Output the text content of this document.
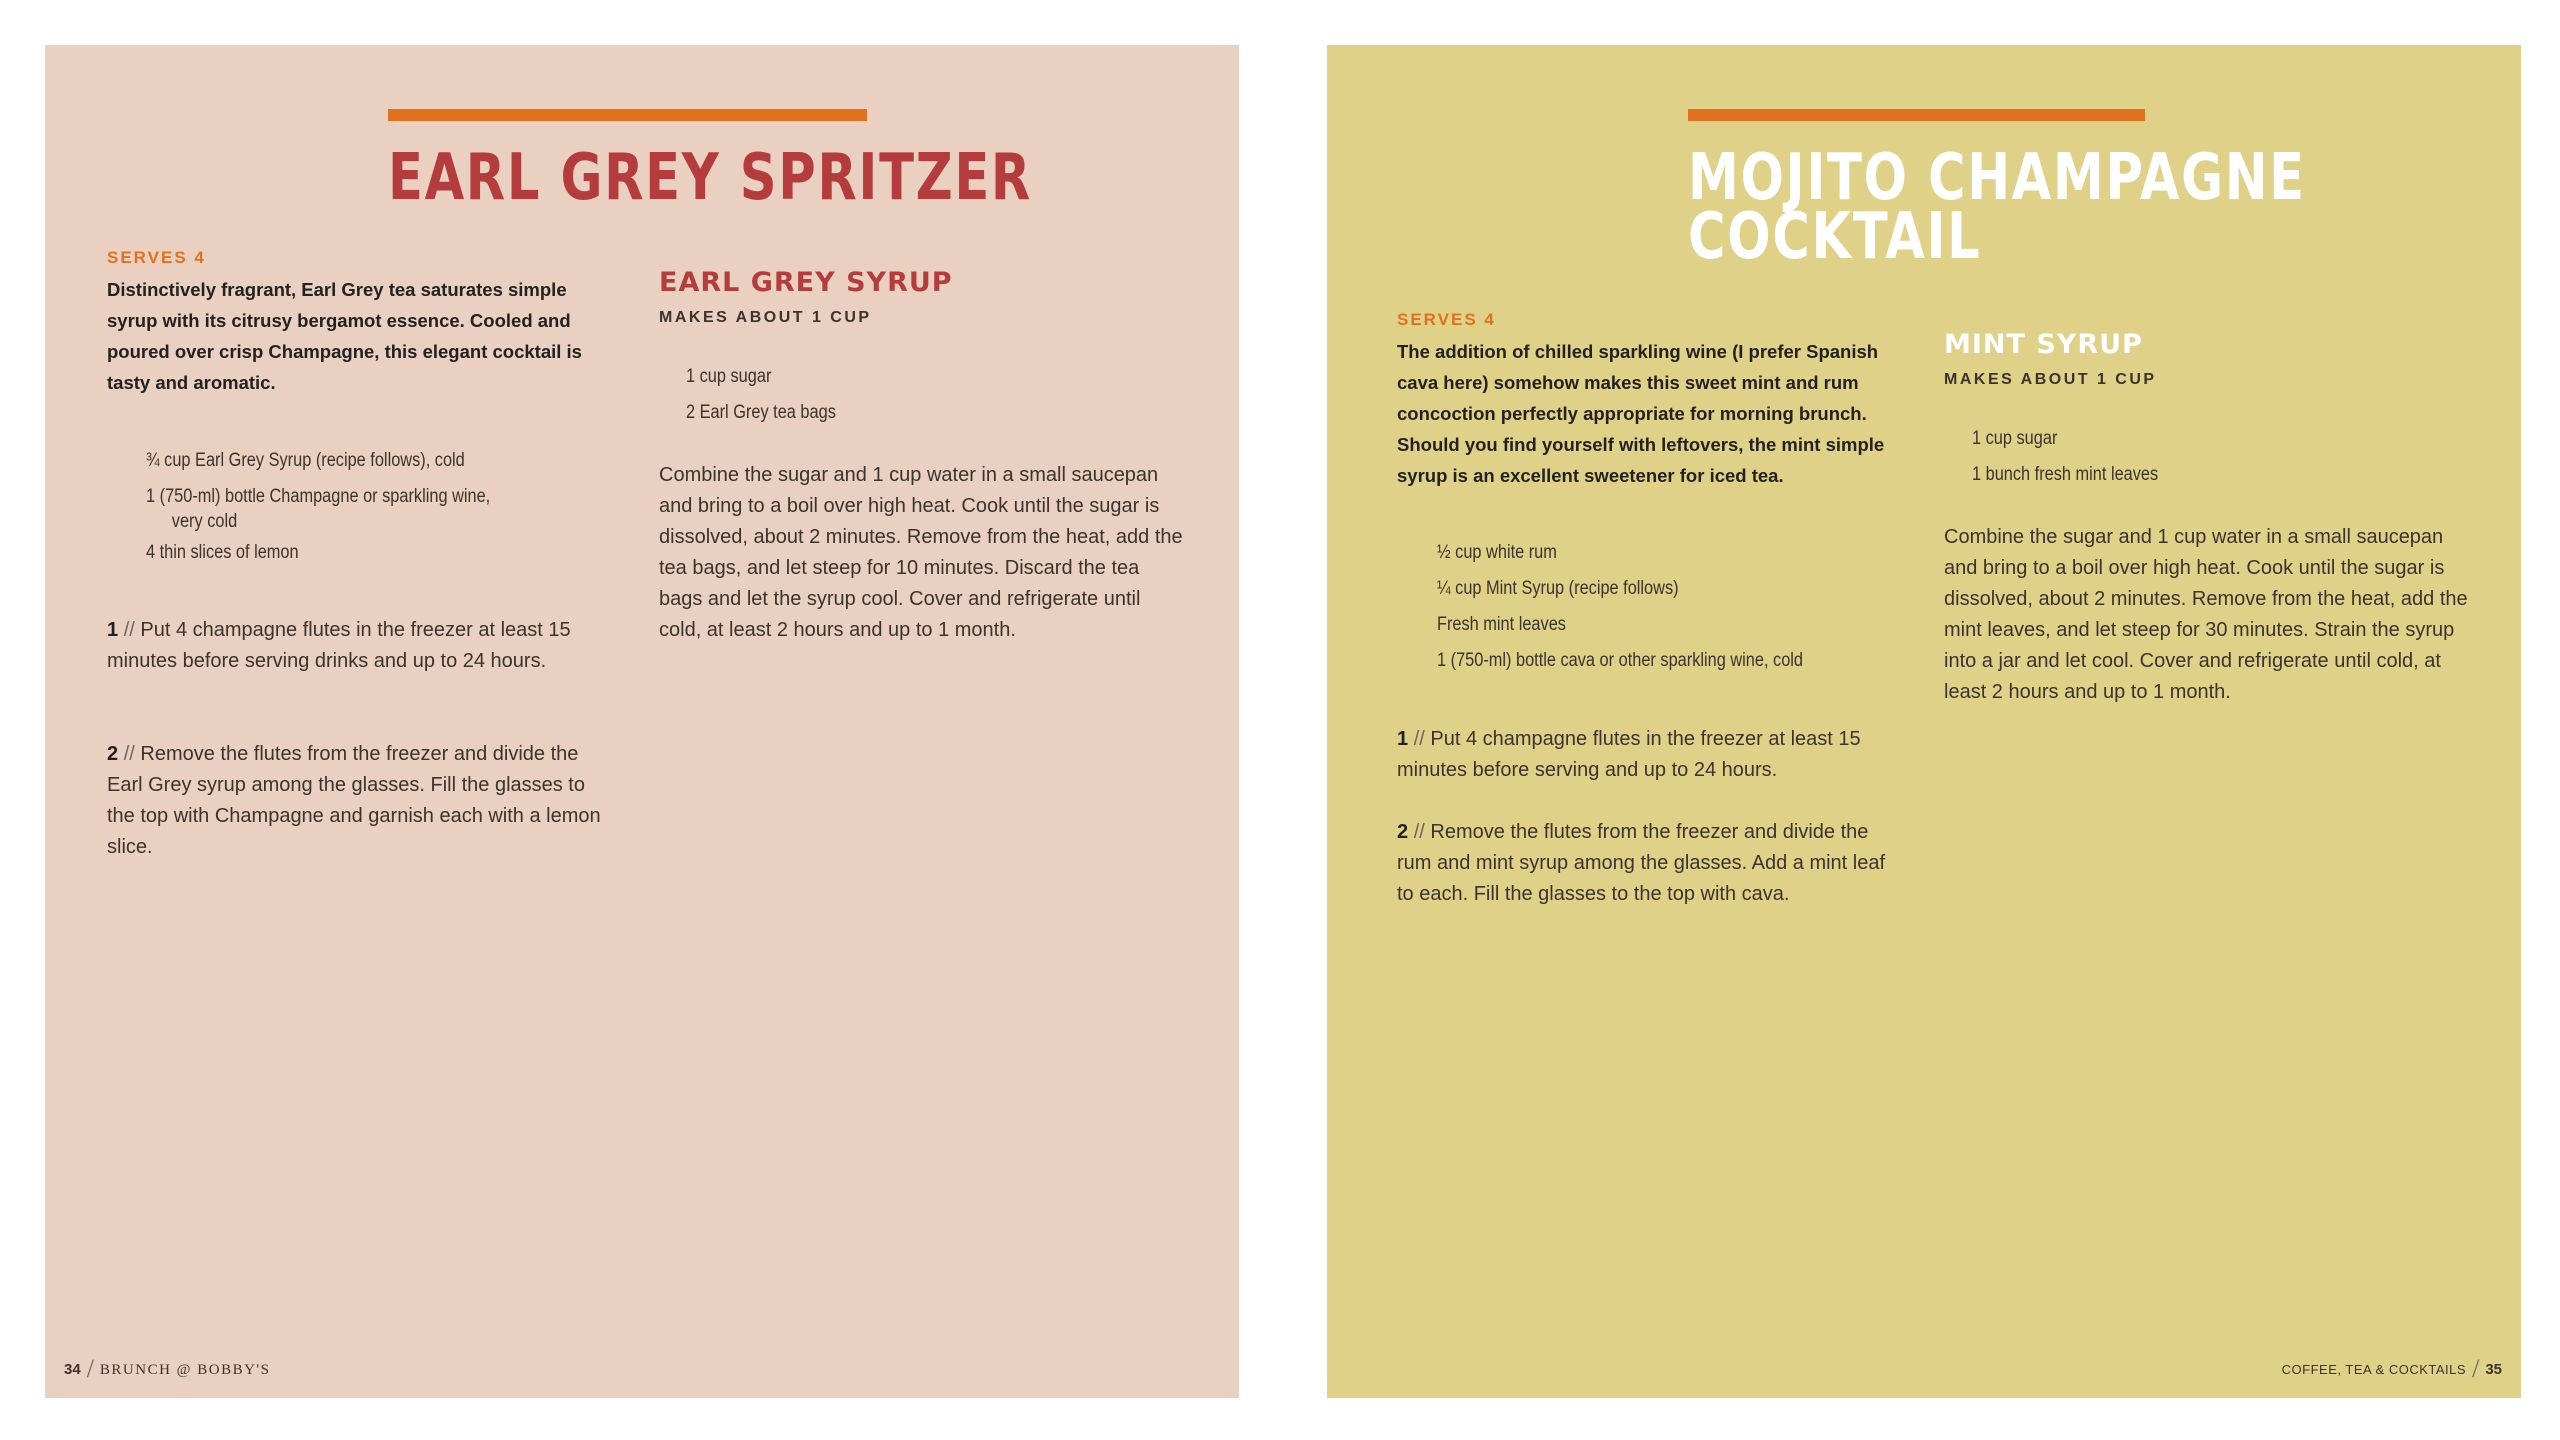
EARL GREY SPRITZER

SERVES 4

Distinctively fragrant, Earl Grey tea saturates simple syrup with its citrusy bergamot essence. Cooled and poured over crisp Champagne, this elegant cocktail is tasty and aromatic.

¾ cup Earl Grey Syrup (recipe follows), cold
1 (750-ml) bottle Champagne or sparkling wine,
very cold
4 thin slices of lemon

1 // Put 4 champagne flutes in the freezer at least 15 minutes before serving drinks and up to 24 hours.

2 // Remove the flutes from the freezer and divide the Earl Grey syrup among the glasses. Fill the glasses to the top with Champagne and garnish each with a lemon slice.

EARL GREY SYRUP

MAKES ABOUT 1 CUP

1 cup sugar
2 Earl Grey tea bags

Combine the sugar and 1 cup water in a small saucepan and bring to a boil over high heat. Cook until the sugar is dissolved, about 2 minutes. Remove from the heat, add the tea bags, and let steep for 10 minutes. Discard the tea bags and let the syrup cool. Cover and refrigerate until cold, at least 2 hours and up to 1 month.

34 / BRUNCH @ BOBBY'S
MOJITO CHAMPAGNE
COCKTAIL

SERVES 4

The addition of chilled sparkling wine (I prefer Spanish cava here) somehow makes this sweet mint and rum concoction perfectly appropriate for morning brunch. Should you find yourself with leftovers, the mint simple syrup is an excellent sweetener for iced tea.

½ cup white rum
¼ cup Mint Syrup (recipe follows)
Fresh mint leaves
1 (750-ml) bottle cava or other sparkling wine, cold

1 // Put 4 champagne flutes in the freezer at least 15 minutes before serving and up to 24 hours.

2 // Remove the flutes from the freezer and divide the rum and mint syrup among the glasses. Add a mint leaf to each. Fill the glasses to the top with cava.

MINT SYRUP

MAKES ABOUT 1 CUP

1 cup sugar
1 bunch fresh mint leaves

Combine the sugar and 1 cup water in a small saucepan and bring to a boil over high heat. Cook until the sugar is dissolved, about 2 minutes. Remove from the heat, add the mint leaves, and let steep for 30 minutes. Strain the syrup into a jar and let cool. Cover and refrigerate until cold, at least 2 hours and up to 1 month.

COFFEE, TEA & COCKTAILS / 35
